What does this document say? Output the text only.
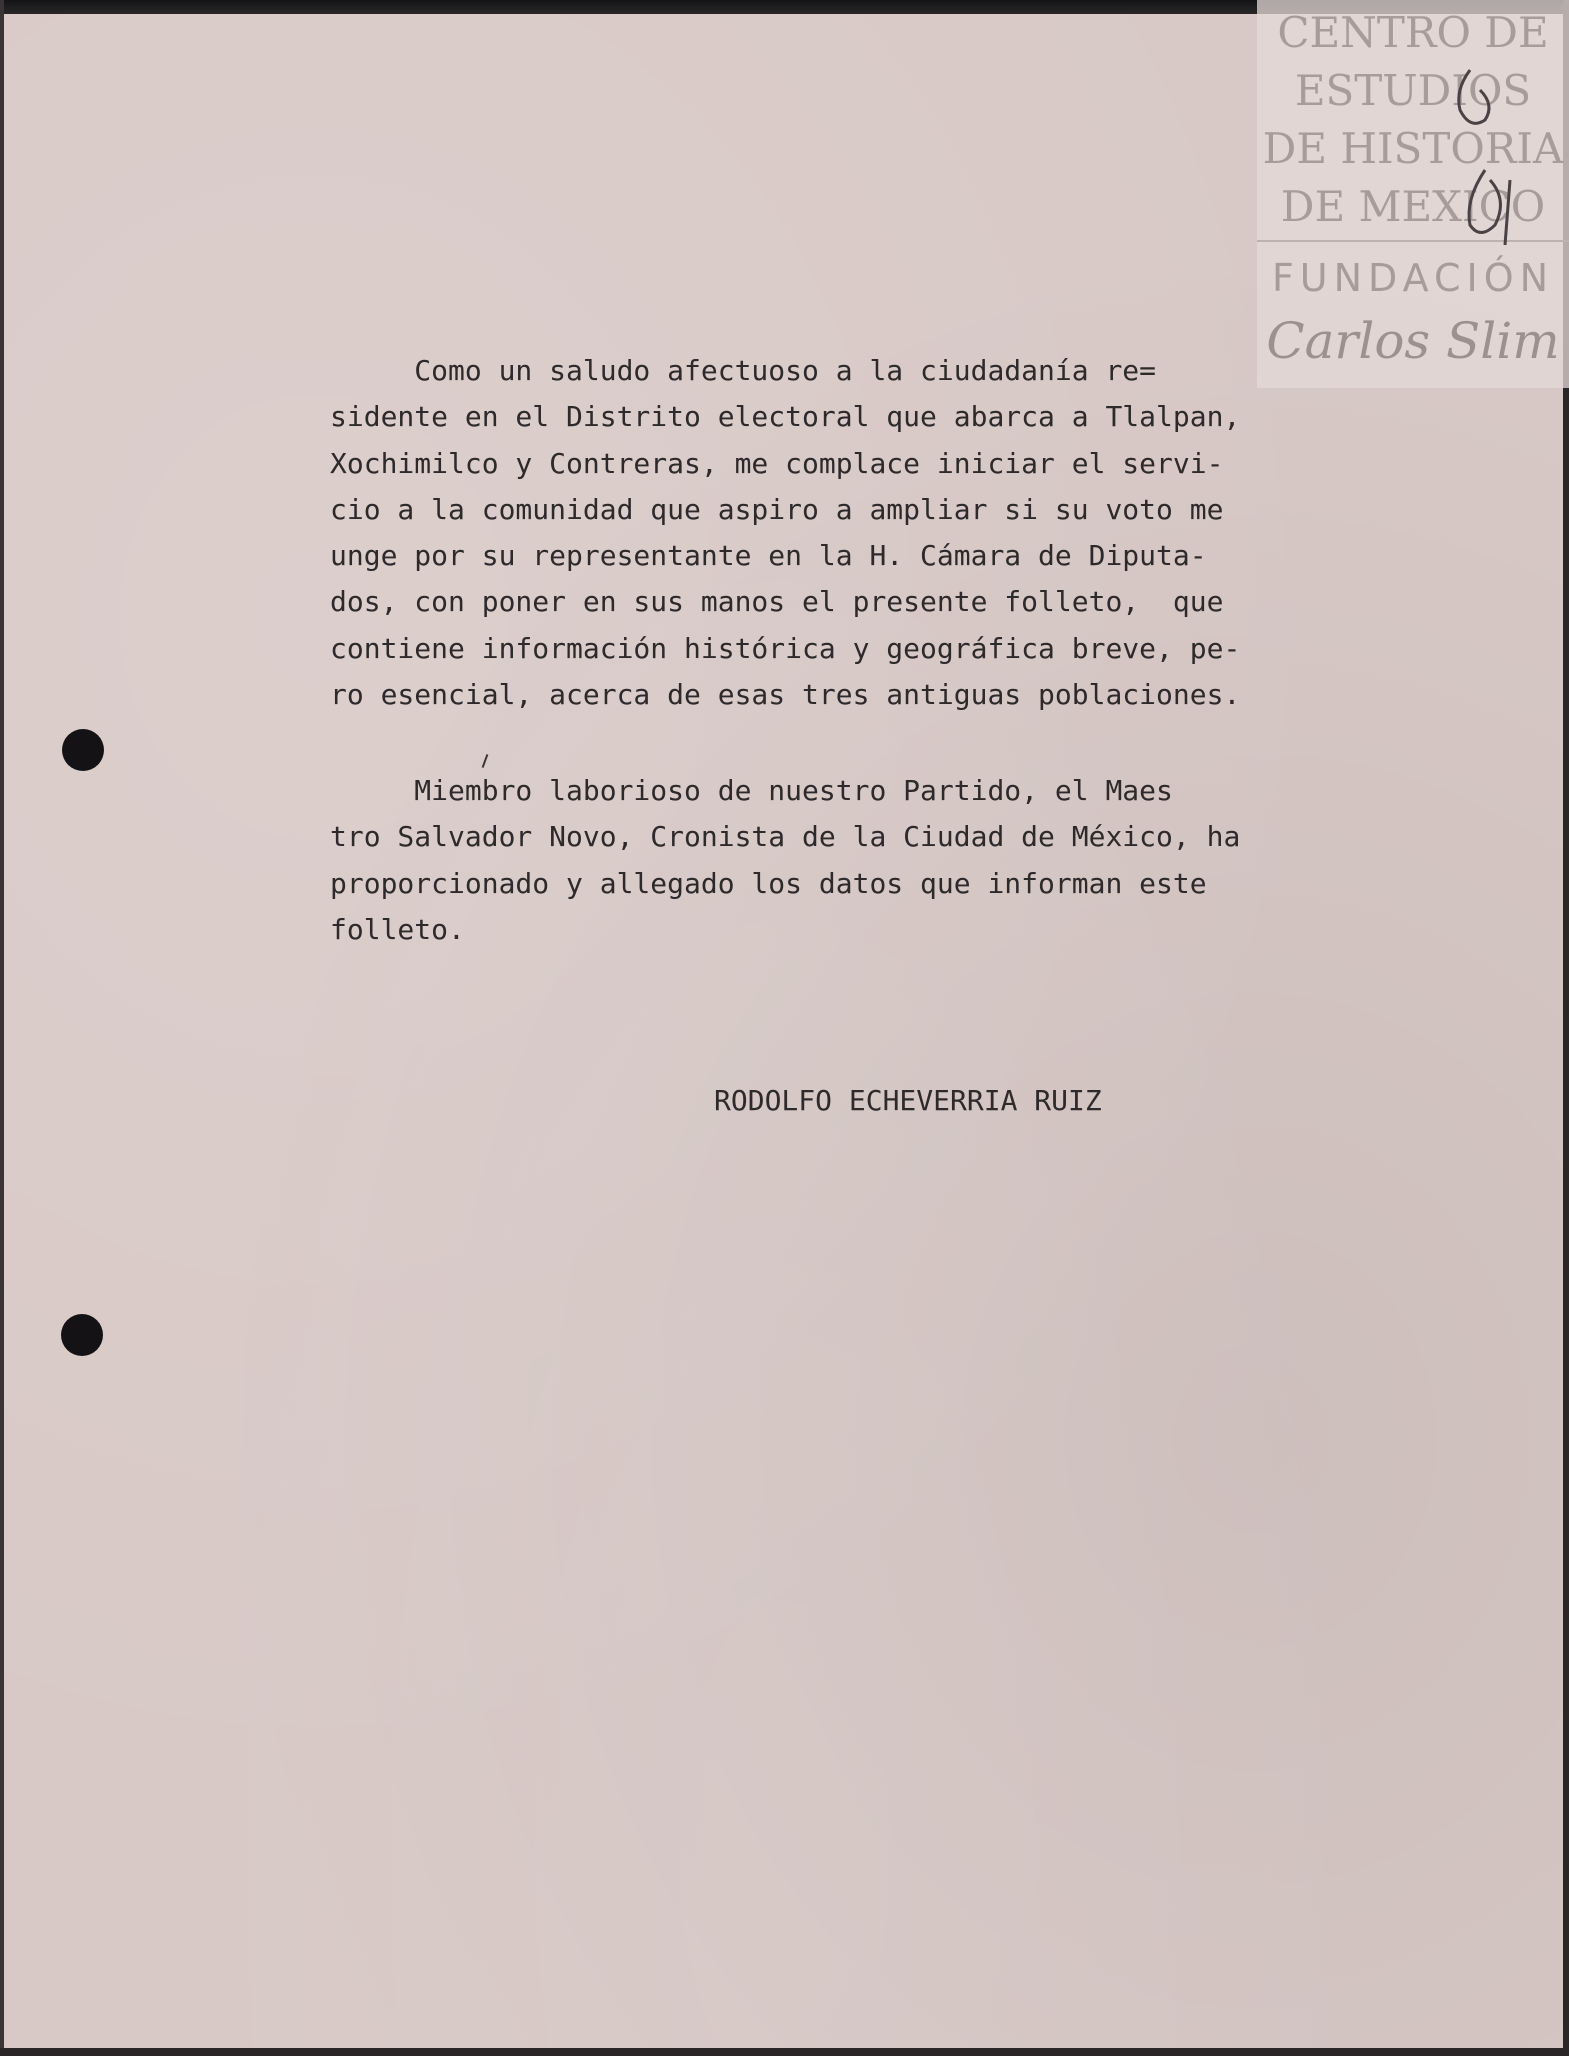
CENTRO DE
ESTUDIOS
DE HISTORIA
DE MEXICO
FUNDACIÓN
Carlos Slim
Como un saludo afectuoso a la ciudadanía re=
sidente en el Distrito electoral que abarca a Tlalpan,
Xochimilco y Contreras, me complace iniciar el servi-
cio a la comunidad que aspiro a ampliar si su voto me
unge por su representante en la H. Cámara de Diputa-
dos, con poner en sus manos el presente folleto,  que
contiene información histórica y geográfica breve, pe-
ro esencial, acerca de esas tres antiguas poblaciones.
Miembro laborioso de nuestro Partido, el Maes
tro Salvador Novo, Cronista de la Ciudad de México, ha
proporcionado y allegado los datos que informan este
folleto.
RODOLFO ECHEVERRIA RUIZ
